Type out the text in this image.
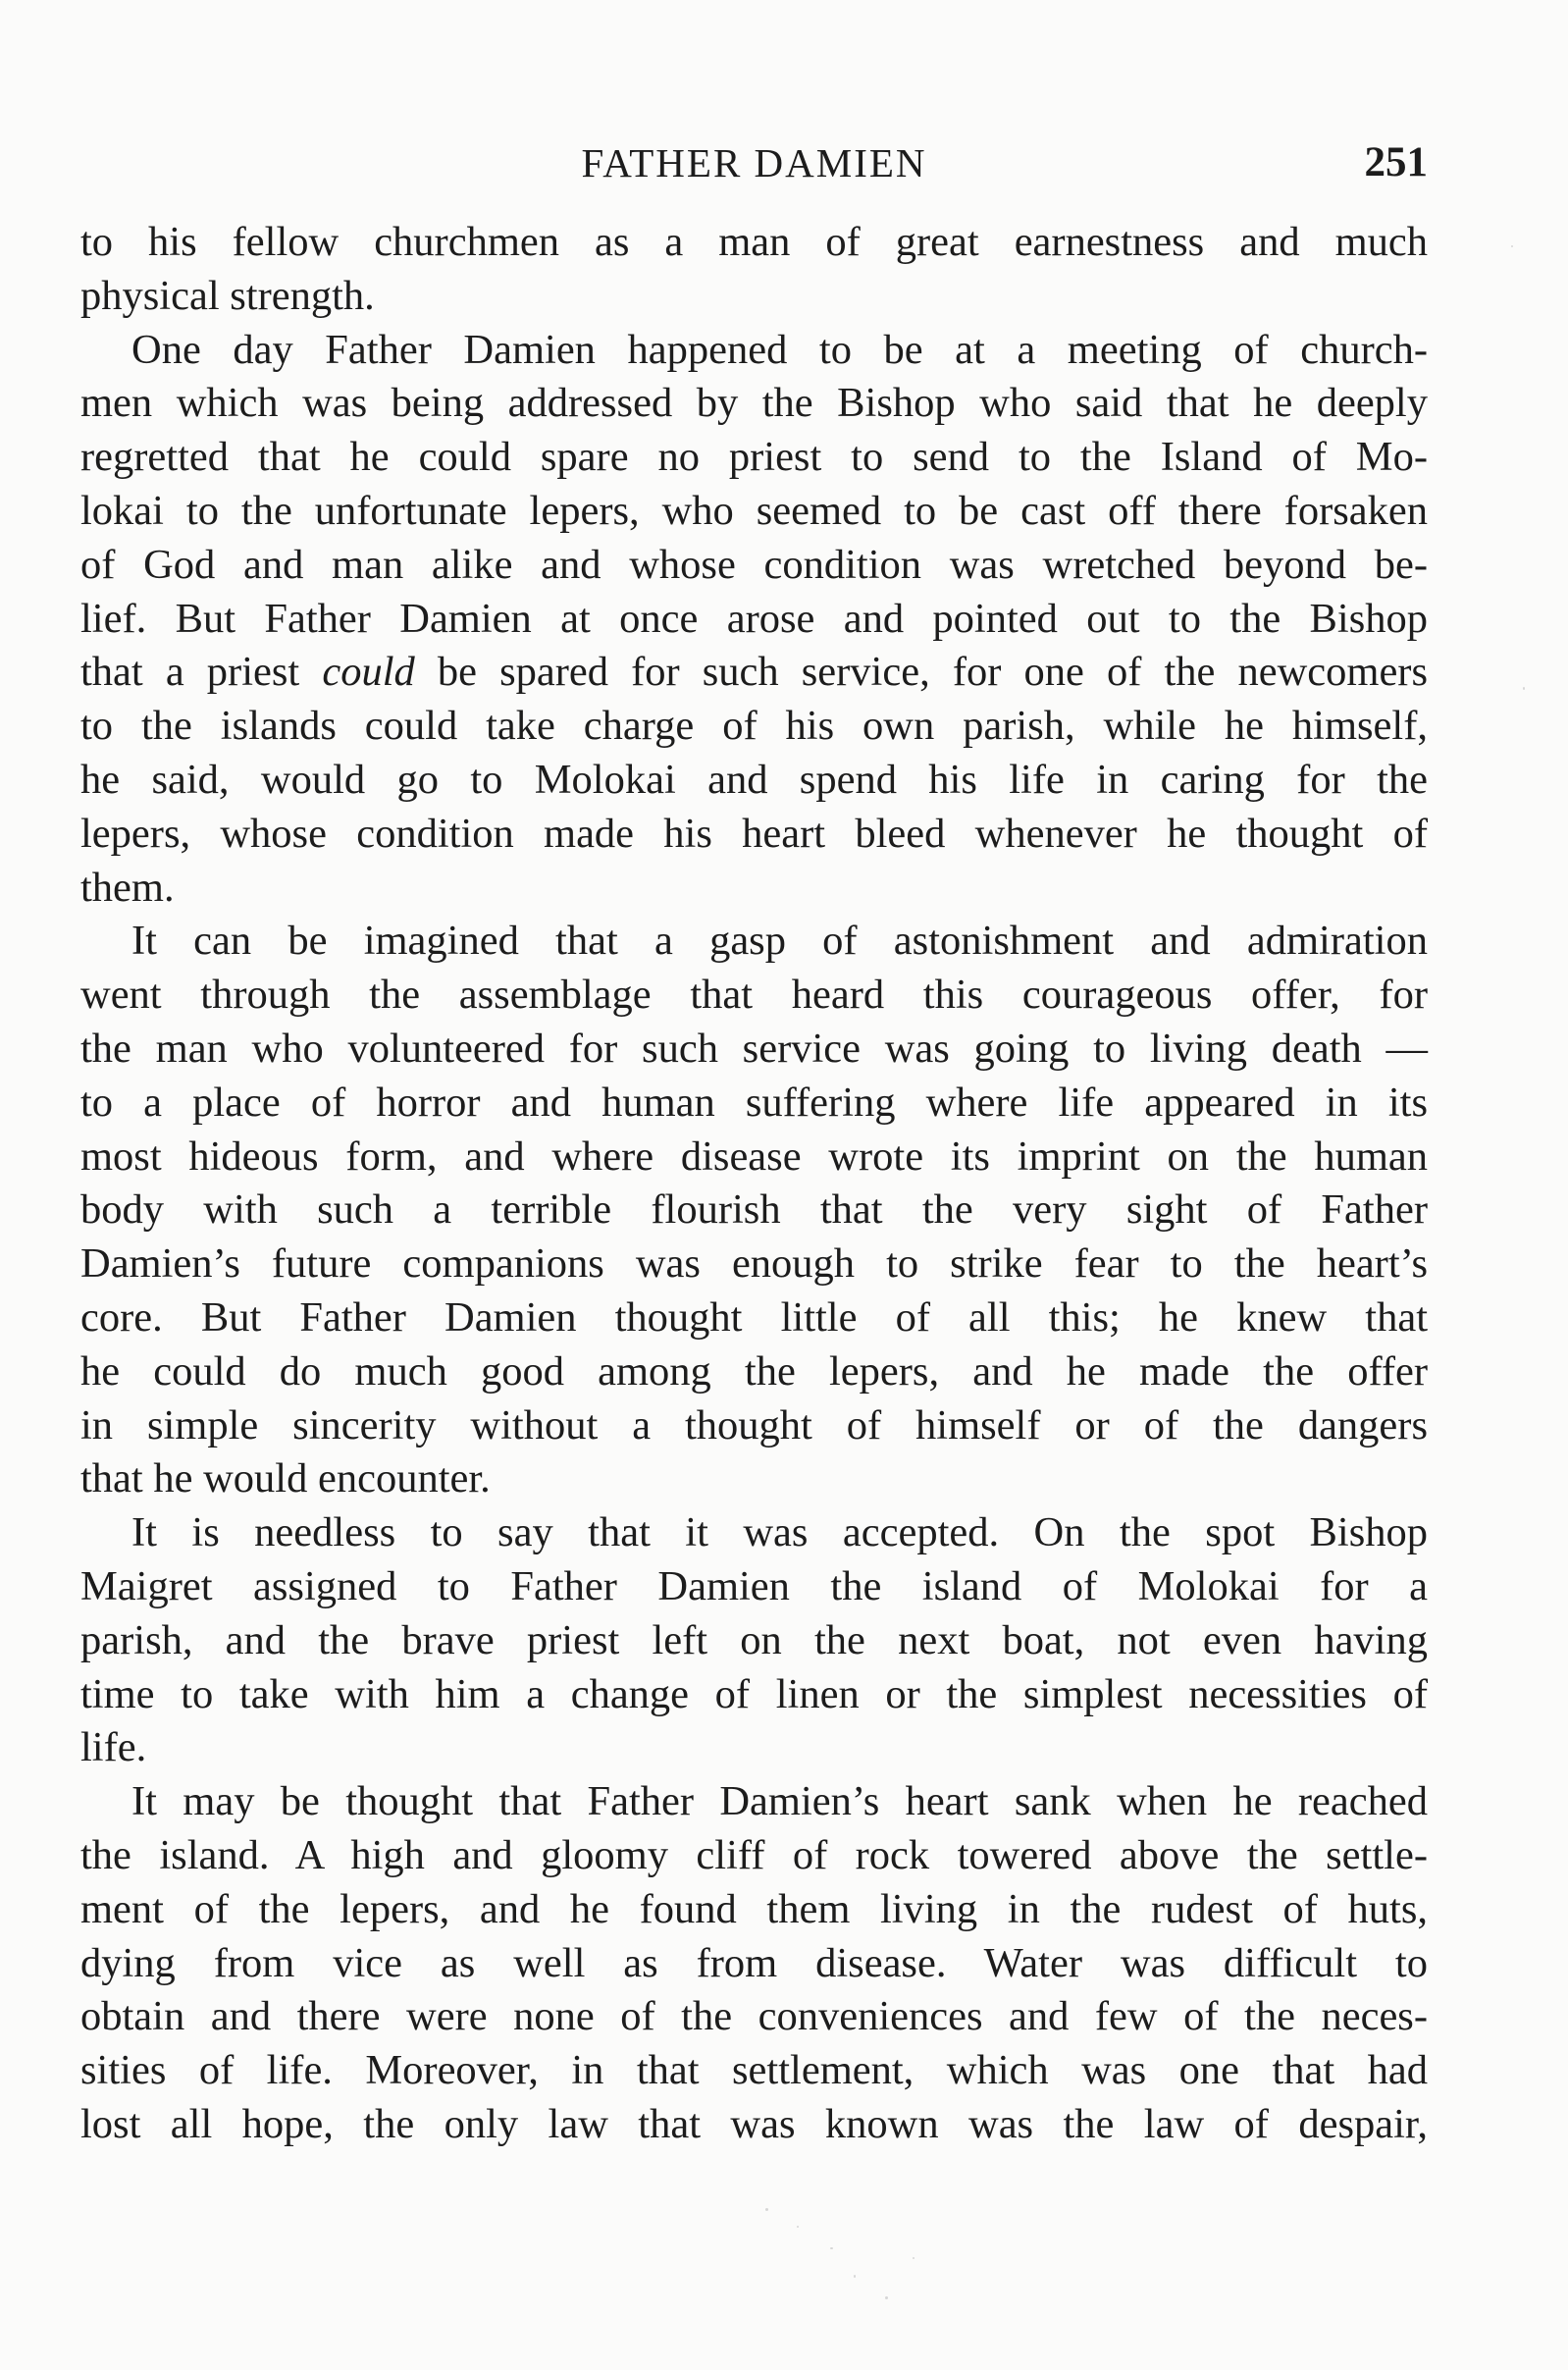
FATHER DAMIEN	251
to his fellow churchmen as a man of great earnestness and much
physical strength.
One day Father Damien happened to be at a meeting of church-
men which was being addressed by the Bishop who said that he deeply
regretted that he could spare no priest to send to the Island of Mo-
lokai to the unfortunate lepers, who seemed to be cast off there forsaken
of God and man alike and whose condition was wretched beyond be-
lief. But Father Damien at once arose and pointed out to the Bishop
that a priest could be spared for such service, for one of the newcomers
to the islands could take charge of his own parish, while he himself,
he said, would go to Molokai and spend his life in caring for the
lepers, whose condition made his heart bleed whenever he thought of
them.
It can be imagined that a gasp of astonishment and admiration
went through the assemblage that heard this courageous offer, for
the man who volunteered for such service was going to living death —
to a place of horror and human suffering where life appeared in its
most hideous form, and where disease wrote its imprint on the human
body with such a terrible flourish that the very sight of Father
Damien’s future companions was enough to strike fear to the heart’s
core. But Father Damien thought little of all this; he knew that
he could do much good among the lepers, and he made the offer
in simple sincerity without a thought of himself or of the dangers
that he would encounter.
It is needless to say that it was accepted. On the spot Bishop
Maigret assigned to Father Damien the island of Molokai for a
parish, and the brave priest left on the next boat, not even having
time to take with him a change of linen or the simplest necessities of
life.
It may be thought that Father Damien’s heart sank when he reached
the island. A high and gloomy cliff of rock towered above the settle-
ment of the lepers, and he found them living in the rudest of huts,
dying from vice as well as from disease. Water was difficult to
obtain and there were none of the conveniences and few of the neces-
sities of life. Moreover, in that settlement, which was one that had
lost all hope, the only law that was known was the law of despair,
